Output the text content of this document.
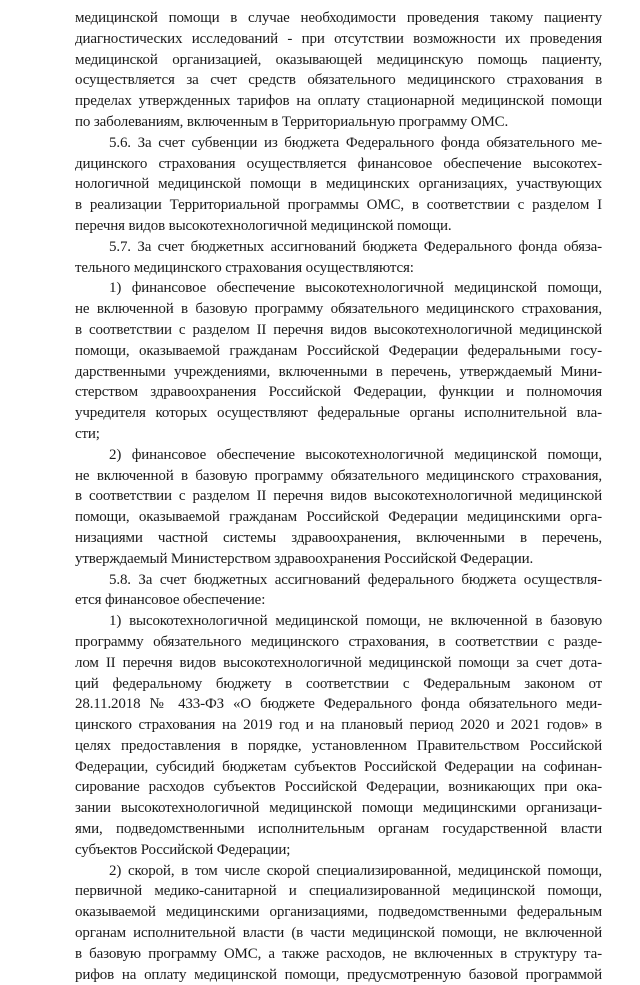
медицинской помощи в случае необходимости проведения такому пациенту
диагностических исследований - при отсутствии возможности их проведения
медицинской организацией, оказывающей медицинскую помощь пациенту,
осуществляется за счет средств обязательного медицинского страхования в
пределах утвержденных тарифов на оплату стационарной медицинской помощи
по заболеваниям, включенным в Территориальную программу ОМС.
5.6. За счет субвенции из бюджета Федерального фонда обязательного ме-
дицинского страхования осуществляется финансовое обеспечение высокотех-
нологичной медицинской помощи в медицинских организациях, участвующих
в реализации Территориальной программы ОМС, в соответствии с разделом I
перечня видов высокотехнологичной медицинской помощи.
5.7. За счет бюджетных ассигнований бюджета Федерального фонда обяза-
тельного медицинского страхования осуществляются:
1) финансовое обеспечение высокотехнологичной медицинской помощи,
не включенной в базовую программу обязательного медицинского страхования,
в соответствии с разделом II перечня видов высокотехнологичной медицинской
помощи, оказываемой гражданам Российской Федерации федеральными госу-
дарственными учреждениями, включенными в перечень, утверждаемый Мини-
стерством здравоохранения Российской Федерации, функции и полномочия
учредителя которых осуществляют федеральные органы исполнительной вла-
сти;
2) финансовое обеспечение высокотехнологичной медицинской помощи,
не включенной в базовую программу обязательного медицинского страхования,
в соответствии с разделом II перечня видов высокотехнологичной медицинской
помощи, оказываемой гражданам Российской Федерации медицинскими орга-
низациями частной системы здравоохранения, включенными в перечень,
утверждаемый Министерством здравоохранения Российской Федерации.
5.8. За счет бюджетных ассигнований федерального бюджета осуществля-
ется финансовое обеспечение:
1) высокотехнологичной медицинской помощи, не включенной в базовую
программу обязательного медицинского страхования, в соответствии с разде-
лом II перечня видов высокотехнологичной медицинской помощи за счет дота-
ций федеральному бюджету в соответствии с Федеральным законом от
28.11.2018 № 433-ФЗ «О бюджете Федерального фонда обязательного меди-
цинского страхования на 2019 год и на плановый период 2020 и 2021 годов» в
целях предоставления в порядке, установленном Правительством Российской
Федерации, субсидий бюджетам субъектов Российской Федерации на софинан-
сирование расходов субъектов Российской Федерации, возникающих при ока-
зании высокотехнологичной медицинской помощи медицинскими организаци-
ями, подведомственными исполнительным органам государственной власти
субъектов Российской Федерации;
2) скорой, в том числе скорой специализированной, медицинской помощи,
первичной медико-санитарной и специализированной медицинской помощи,
оказываемой медицинскими организациями, подведомственными федеральным
органам исполнительной власти (в части медицинской помощи, не включенной
в базовую программу ОМС, а также расходов, не включенных в структуру та-
рифов на оплату медицинской помощи, предусмотренную базовой программой
